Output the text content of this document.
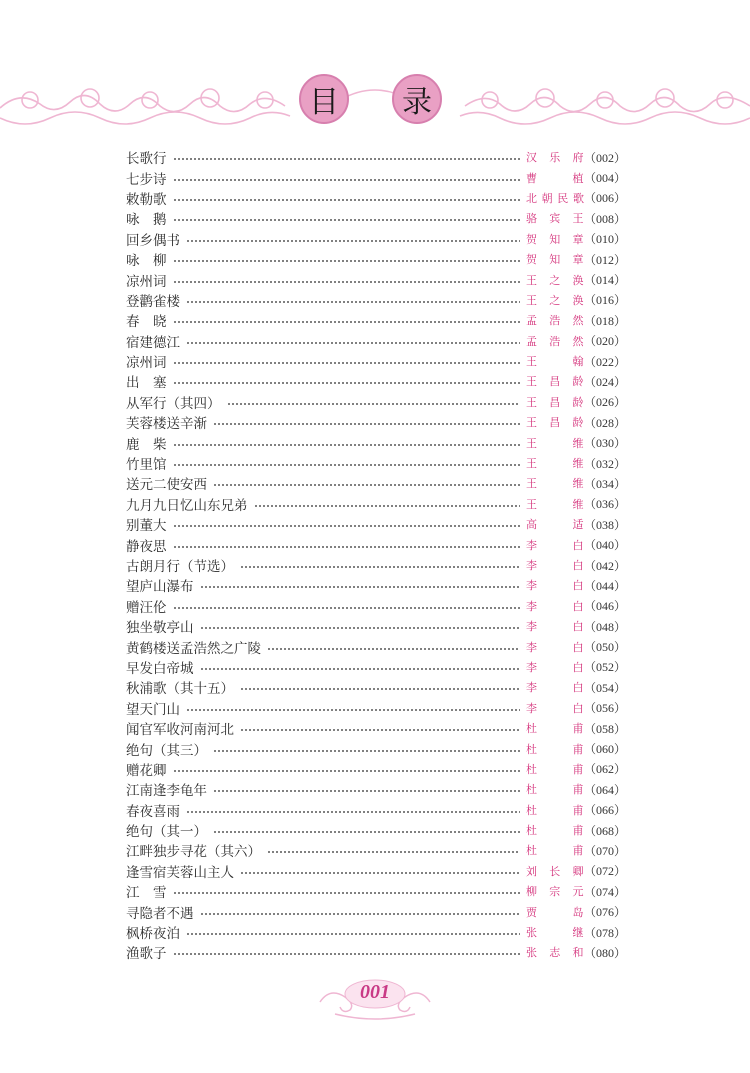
目	录
长歌行	汉 乐 府 （002）
七步诗	曹	植 （004）
敕勒歌	北 朝 民 歌 （006）
咏　鹅	骆 宾 王 （008）
回乡偶书	贺 知 章 （010）
咏　柳	贺 知 章 （012）
凉州词	王 之 涣 （014）
登鹳雀楼	王 之 涣 （016）
春　晓	孟 浩 然 （018）
宿建德江	孟 浩 然 （020）
凉州词	王	翰 （022）
出　塞	王 昌 龄 （024）
从军行（其四）	王 昌 龄 （026）
芙蓉楼送辛渐	王 昌 龄 （028）
鹿　柴	王	维 （030）
竹里馆	王	维 （032）
送元二使安西	王	维 （034）
九月九日忆山东兄弟	王	维 （036）
别董大	高	适 （038）
静夜思	李	白 （040）
古朗月行（节选）	李	白 （042）
望庐山瀑布	李	白 （044）
赠汪伦	李	白 （046）
独坐敬亭山	李	白 （048）
黄鹤楼送孟浩然之广陵	李	白 （050）
早发白帝城	李	白 （052）
秋浦歌（其十五）	李	白 （054）
望天门山	李	白 （056）
闻官军收河南河北	杜	甫 （058）
绝句（其三）	杜	甫 （060）
赠花卿	杜	甫 （062）
江南逢李龟年	杜	甫 （064）
春夜喜雨	杜	甫 （066）
绝句（其一）	杜	甫 （068）
江畔独步寻花（其六）	杜	甫 （070）
逢雪宿芙蓉山主人	刘 长 卿 （072）
江　雪	柳 宗 元 （074）
寻隐者不遇	贾	岛 （076）
枫桥夜泊	张	继 （078）
渔歌子	张 志 和 （080）
001
